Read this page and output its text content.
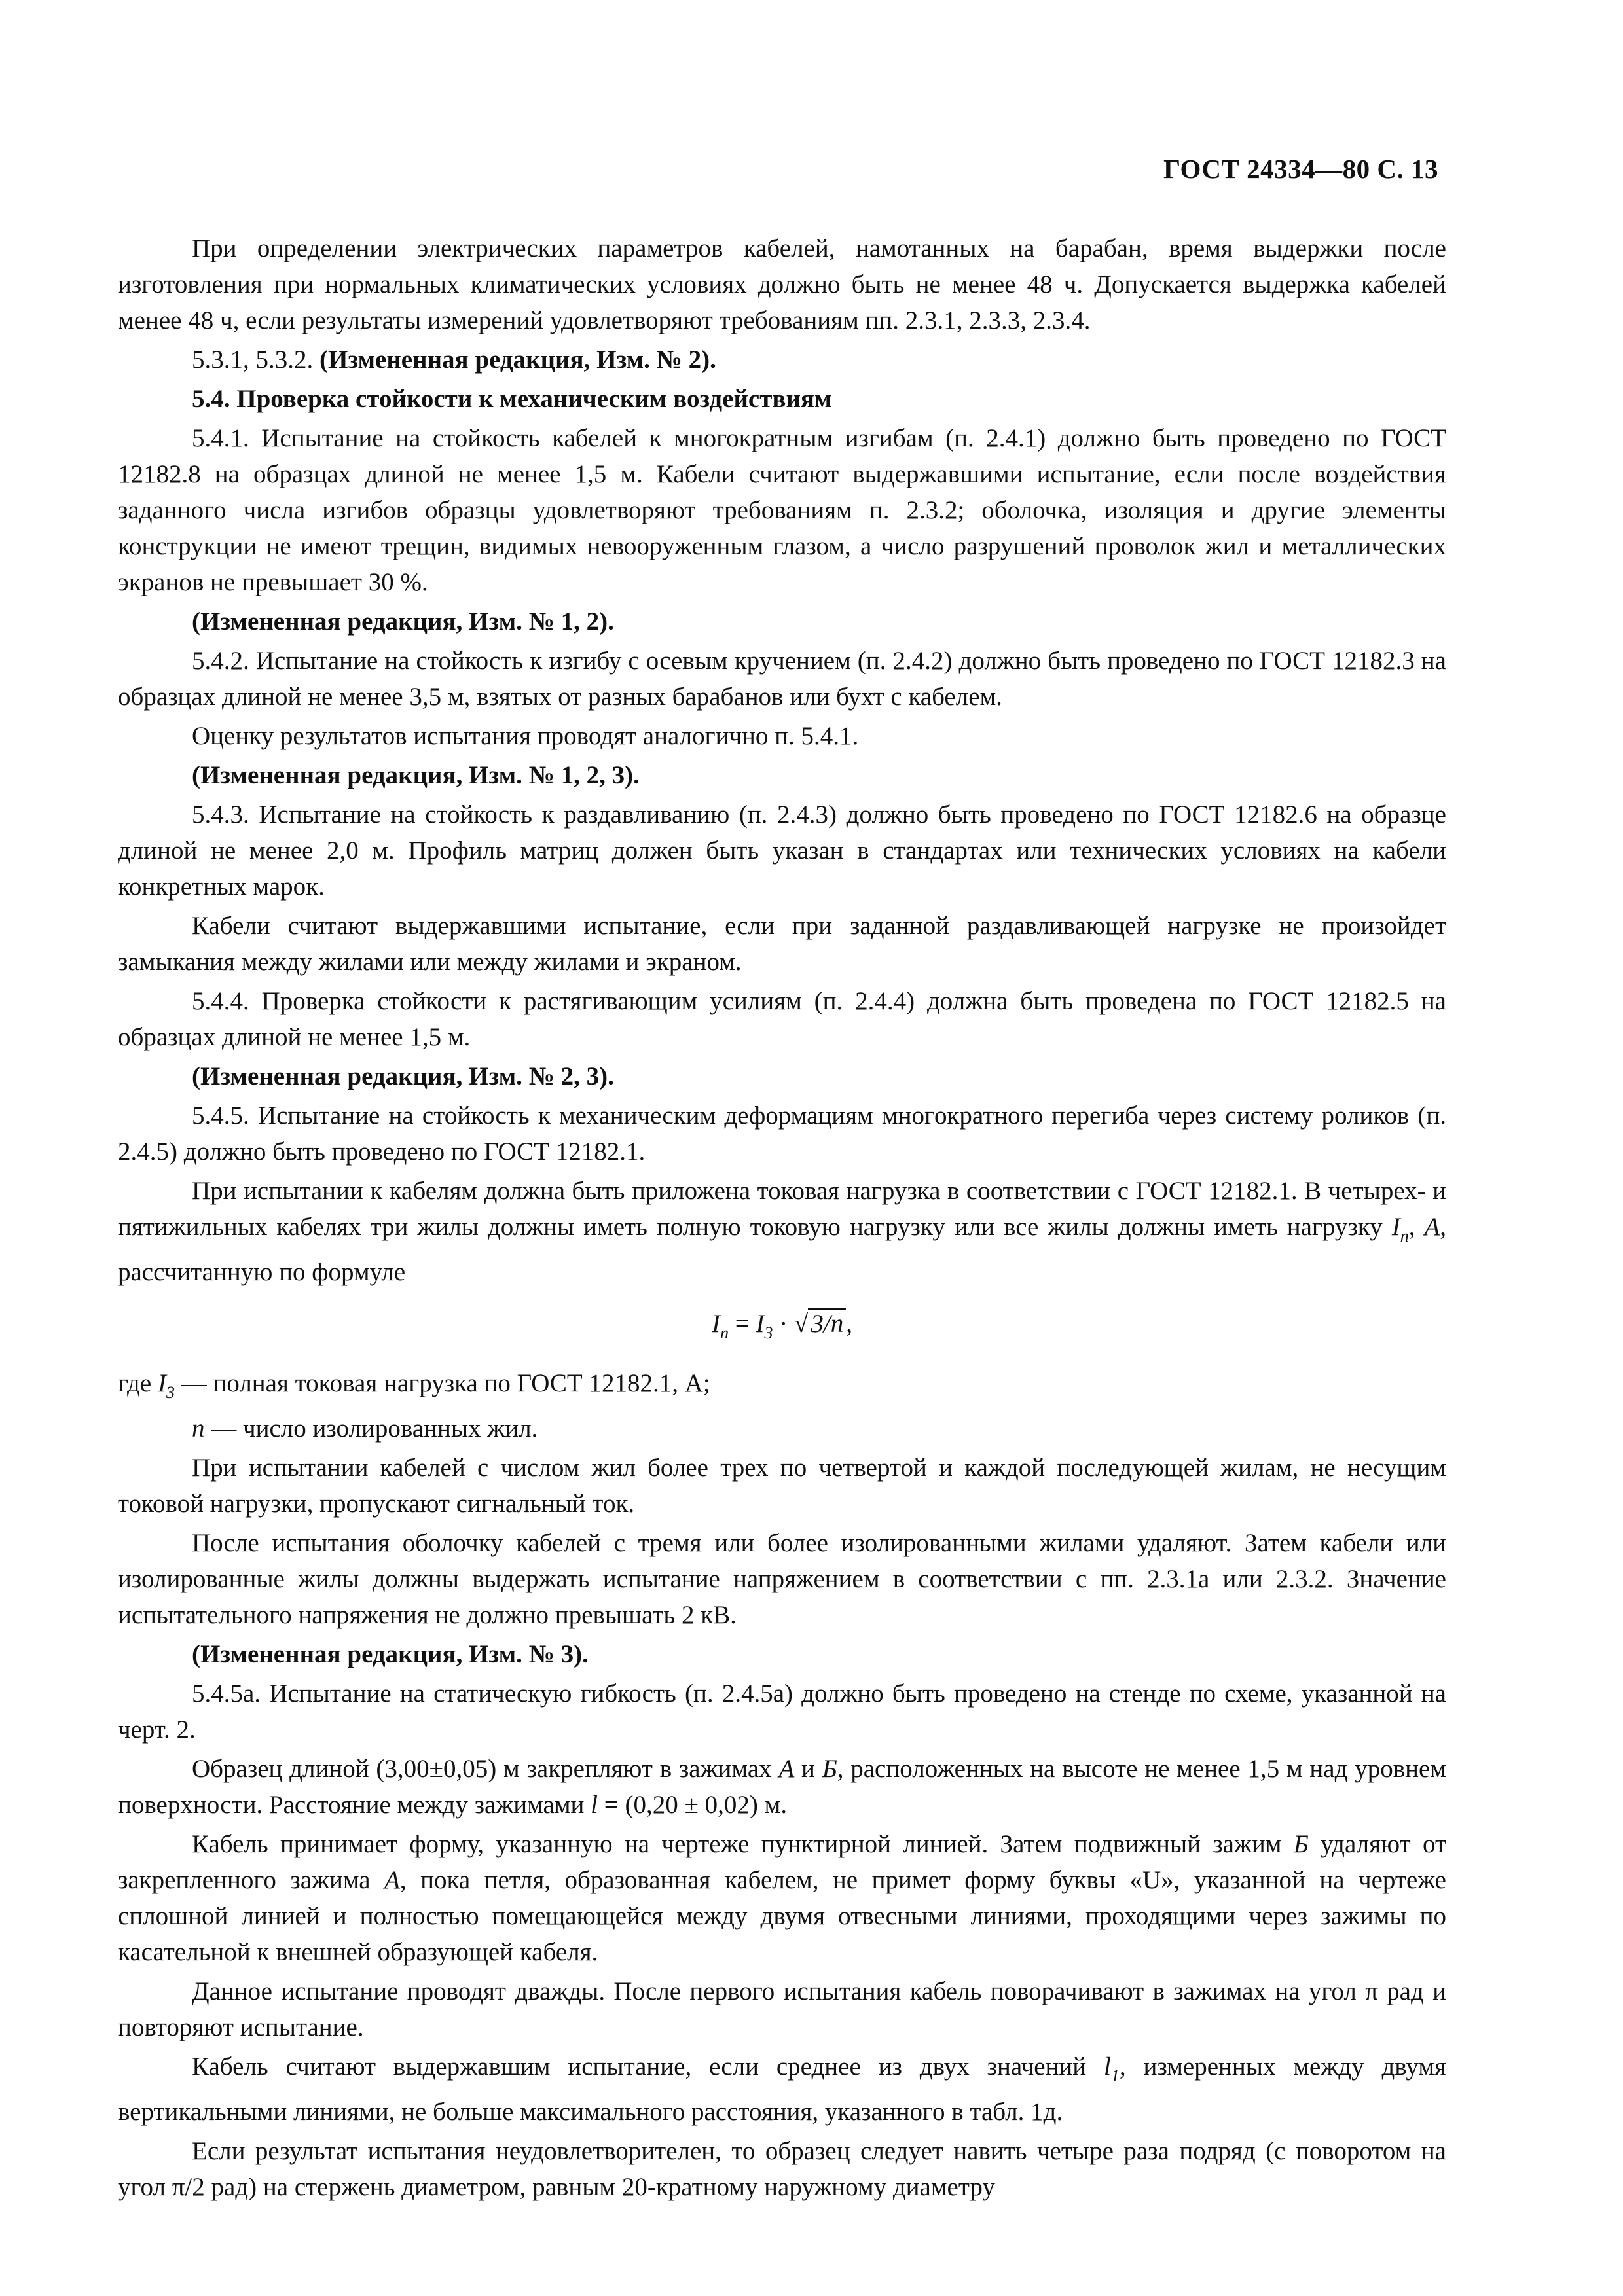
ГОСТ 24334—80 С. 13

При определении электрических параметров кабелей, намотанных на барабан, время выдержки после изготовления при нормальных климатических условиях должно быть не менее 48 ч. Допускается выдержка кабелей менее 48 ч, если результаты измерений удовлетворяют требованиям пп. 2.3.1, 2.3.3, 2.3.4.

5.3.1, 5.3.2. (Измененная редакция, Изм. № 2).

5.4. Проверка стойкости к механическим воздействиям

5.4.1. Испытание на стойкость кабелей к многократным изгибам (п. 2.4.1) должно быть проведено по ГОСТ 12182.8 на образцах длиной не менее 1,5 м. Кабели считают выдержавшими испытание, если после воздействия заданного числа изгибов образцы удовлетворяют требованиям п. 2.3.2; оболочка, изоляция и другие элементы конструкции не имеют трещин, видимых невооруженным глазом, а число разрушений проволок жил и металлических экранов не превышает 30 %.

(Измененная редакция, Изм. № 1, 2).

5.4.2. Испытание на стойкость к изгибу с осевым кручением (п. 2.4.2) должно быть проведено по ГОСТ 12182.3 на образцах длиной не менее 3,5 м, взятых от разных барабанов или бухт с кабелем.

Оценку результатов испытания проводят аналогично п. 5.4.1.

(Измененная редакция, Изм. № 1, 2, 3).

5.4.3. Испытание на стойкость к раздавливанию (п. 2.4.3) должно быть проведено по ГОСТ 12182.6 на образце длиной не менее 2,0 м. Профиль матриц должен быть указан в стандартах или технических условиях на кабели конкретных марок.

Кабели считают выдержавшими испытание, если при заданной раздавливающей нагрузке не произойдет замыкания между жилами или между жилами и экраном.

5.4.4. Проверка стойкости к растягивающим усилиям (п. 2.4.4) должна быть проведена по ГОСТ 12182.5 на образцах длиной не менее 1,5 м.

(Измененная редакция, Изм. № 2, 3).

5.4.5. Испытание на стойкость к механическим деформациям многократного перегиба через систему роликов (п. 2.4.5) должно быть проведено по ГОСТ 12182.1.

При испытании к кабелям должна быть приложена токовая нагрузка в соответствии с ГОСТ 12182.1. В четырех- и пятижильных кабелях три жилы должны иметь полную токовую нагрузку или все жилы должны иметь нагрузку $I_n$, A, рассчитанную по формуле

$I_n = I_3$ · √ 3/n ,

где $I_3$ — полная токовая нагрузка по ГОСТ 12182.1, А;

n — число изолированных жил.

При испытании кабелей с числом жил более трех по четвертой и каждой последующей жилам, не несущим токовой нагрузки, пропускают сигнальный ток.

После испытания оболочку кабелей с тремя или более изолированными жилами удаляют. Затем кабели или изолированные жилы должны выдержать испытание напряжением в соответствии с пп. 2.3.1а или 2.3.2. Значение испытательного напряжения не должно превышать 2 кВ.

(Измененная редакция, Изм. № 3).

5.4.5а. Испытание на статическую гибкость (п. 2.4.5а) должно быть проведено на стенде по схеме, указанной на черт. 2.

Образец длиной (3,00±0,05) м закрепляют в зажимах А и Б, расположенных на высоте не менее 1,5 м над уровнем поверхности. Расстояние между зажимами l = (0,20 ± 0,02) м.

Кабель принимает форму, указанную на чертеже пунктирной линией. Затем подвижный зажим Б удаляют от закрепленного зажима А, пока петля, образованная кабелем, не примет форму буквы «U», указанной на чертеже сплошной линией и полностью помещающейся между двумя отвесными линиями, проходящими через зажимы по касательной к внешней образующей кабеля.

Данное испытание проводят дважды. После первого испытания кабель поворачивают в зажимах на угол π рад и повторяют испытание.

Кабель считают выдержавшим испытание, если среднее из двух значений $l_1$, измеренных между двумя вертикальными линиями, не больше максимального расстояния, указанного в табл. 1д.

Если результат испытания неудовлетворителен, то образец следует навить четыре раза подряд (с поворотом на угол π/2 рад) на стержень диаметром, равным 20-кратному наружному диаметру
